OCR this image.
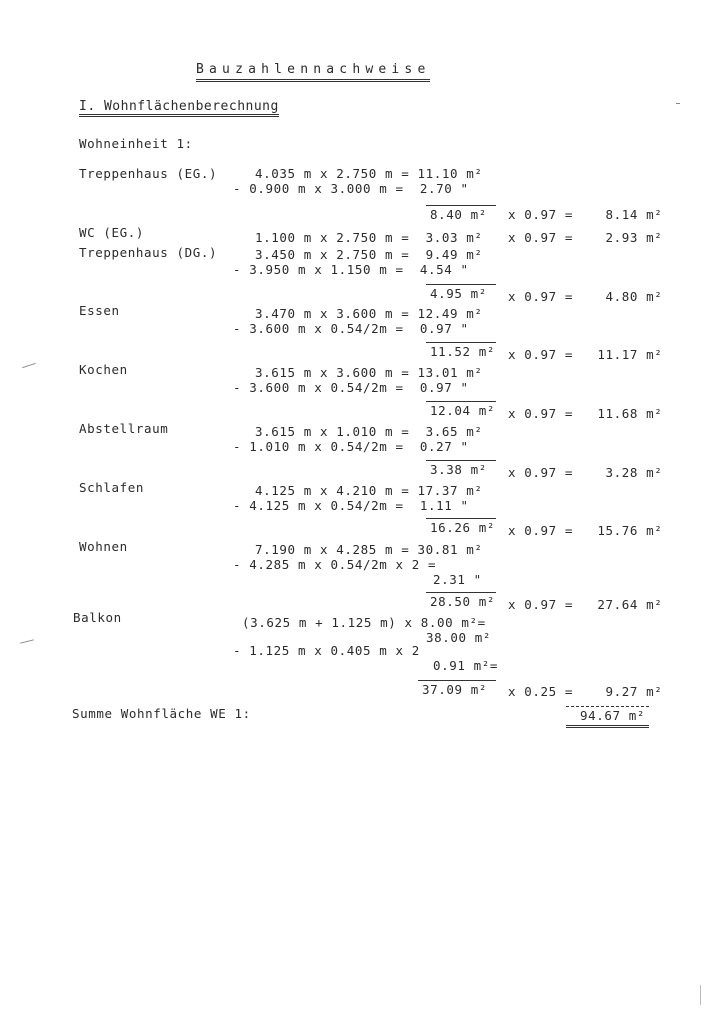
Bauzahlennachweise
I. Wohnflächenberechnung
Wohneinheit 1:
Treppenhaus (EG.)	4.035 m x 2.750 m = 11.10 m²
- 0.900 m x 3.000 m =  2.70 "
8.40 m² x 0.97 =    8.14 m²
WC (EG.)	1.100 m x 2.750 m =  3.03 m² x 0.97 =    2.93 m²
Treppenhaus (DG.)	3.450 m x 2.750 m =  9.49 m²
- 3.950 m x 1.150 m =  4.54 "
4.95 m² x 0.97 =    4.80 m²
Essen	3.470 m x 3.600 m = 12.49 m²
- 3.600 m x 0.54/2m =  0.97 "
11.52 m² x 0.97 =   11.17 m²
Kochen	3.615 m x 3.600 m = 13.01 m²
- 3.600 m x 0.54/2m =  0.97 "
12.04 m² x 0.97 =   11.68 m²
Abstellraum	3.615 m x 1.010 m =  3.65 m²
- 1.010 m x 0.54/2m =  0.27 "
3.38 m² x 0.97 =    3.28 m²
Schlafen	4.125 m x 4.210 m = 17.37 m²
- 4.125 m x 0.54/2m =  1.11 "
16.26 m² x 0.97 =   15.76 m²
Wohnen	7.190 m x 4.285 m = 30.81 m²
- 4.285 m x 0.54/2m x 2 =
2.31 "
28.50 m² x 0.97 =   27.64 m²
Balkon	(3.625 m + 1.125 m) x 8.00 m²=
38.00 m²
- 1.125 m x 0.405 m x 2
0.91 m²=
37.09 m² x 0.25 =    9.27 m²
Summe Wohnfläche WE 1:	94.67 m²
